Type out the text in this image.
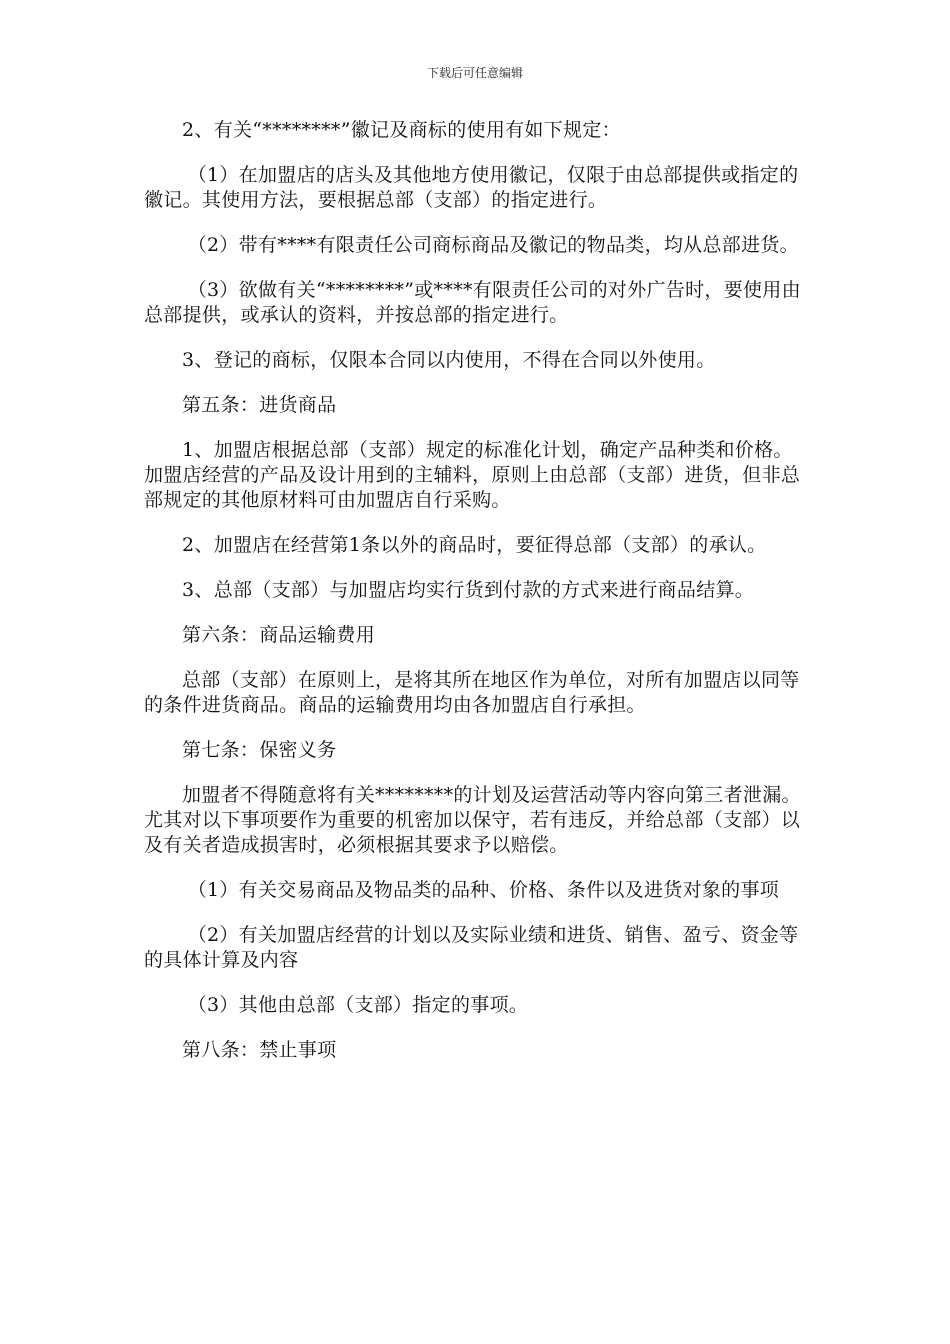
下载后可任意编辑

2、有关“********”徽记及商标的使用有如下规定：

（1）在加盟店的店头及其他地方使用徽记，仅限于由总部提供或指定的徽记。其使用方法，要根据总部（支部）的指定进行。

（2）带有****有限责任公司商标商品及徽记的物品类，均从总部进货。

（3）欲做有关“********”或****有限责任公司的对外广告时，要使用由总部提供，或承认的资料，并按总部的指定进行。

3、登记的商标，仅限本合同以内使用，不得在合同以外使用。

第五条：进货商品

1、加盟店根据总部（支部）规定的标准化计划，确定产品种类和价格。加盟店经营的产品及设计用到的主辅料，原则上由总部（支部）进货，但非总部规定的其他原材料可由加盟店自行采购。

2、加盟店在经营第1条以外的商品时，要征得总部（支部）的承认。

3、总部（支部）与加盟店均实行货到付款的方式来进行商品结算。

第六条：商品运输费用

总部（支部）在原则上，是将其所在地区作为单位，对所有加盟店以同等的条件进货商品。商品的运输费用均由各加盟店自行承担。

第七条：保密义务

加盟者不得随意将有关********的计划及运营活动等内容向第三者泄漏。尤其对以下事项要作为重要的机密加以保守，若有违反，并给总部（支部）以及有关者造成损害时，必须根据其要求予以赔偿。

（1）有关交易商品及物品类的品种、价格、条件以及进货对象的事项

（2）有关加盟店经营的计划以及实际业绩和进货、销售、盈亏、资金等的具体计算及内容

（3）其他由总部（支部）指定的事项。

第八条：禁止事项
